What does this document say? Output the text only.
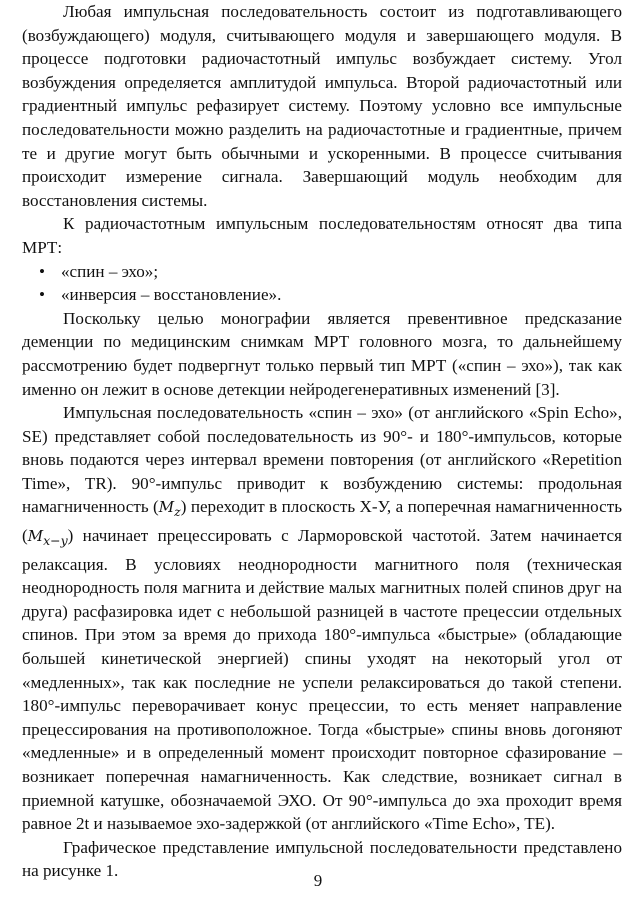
Любая импульсная последовательность состоит из подготавливающего (возбуждающего) модуля, считывающего модуля и завершающего модуля. В процессе подготовки радиочастотный импульс возбуждает систему. Угол возбуждения определяется амплитудой импульса. Второй радиочастотный или градиентный импульс рефазирует систему. Поэтому условно все импульсные последовательности можно разделить на радиочастотные и градиентные, причем те и другие могут быть обычными и ускоренными. В процессе считывания происходит измерение сигнала. Завершающий модуль необходим для восстановления системы.

К радиочастотным импульсным последовательностям относят два типа МРТ:

• «спин – эхо»;
• «инверсия – восстановление».

Поскольку целью монографии является превентивное предсказание деменции по медицинским снимкам МРТ головного мозга, то дальнейшему рассмотрению будет подвергнут только первый тип МРТ («спин – эхо»), так как именно он лежит в основе детекции нейродегенеративных изменений [3].

Импульсная последовательность «спин – эхо» (от английского «Spin Echo», SE) представляет собой последовательность из 90°- и 180°-импульсов, которые вновь подаются через интервал времени повторения (от английского «Repetition Time», TR). 90°-импульс приводит к возбуждению системы: продольная намагниченность $(M_z)$ переходит в плоскость X-У, а поперечная намагниченность $(M_{x-y})$ начинает прецессировать с Ларморовской частотой. Затем начинается релаксация. В условиях неоднородности магнитного поля (техническая неоднородность поля магнита и действие малых магнитных полей спинов друг на друга) расфазировка идет с небольшой разницей в частоте прецессии отдельных спинов. При этом за время до прихода 180°-импульса «быстрые» (обладающие большей кинетической энергией) спины уходят на некоторый угол от «медленных», так как последние не успели релаксироваться до такой степени. 180°-импульс переворачивает конус прецессии, то есть меняет направление прецессирования на противоположное. Тогда «быстрые» спины вновь догоняют «медленные» и в определенный момент происходит повторное сфазирование – возникает поперечная намагниченность. Как следствие, возникает сигнал в приемной катушке, обозначаемой ЭХО. От 90°-импульса до эха проходит время равное 2t и называемое эхо-задержкой (от английского «Time Echo», TE).

Графическое представление импульсной последовательности представлено на рисунке 1.

9
